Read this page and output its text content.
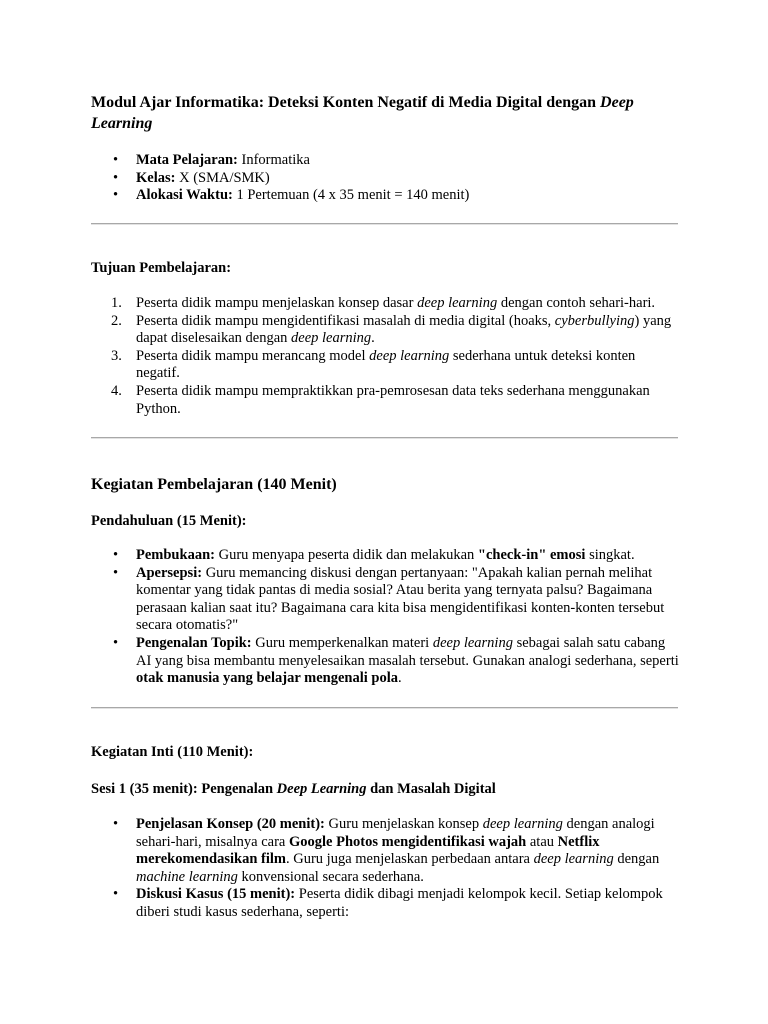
Modul Ajar Informatika: Deteksi Konten Negatif di Media Digital dengan Deep Learning
• Mata Pelajaran: Informatika
• Kelas: X (SMA/SMK)
• Alokasi Waktu: 1 Pertemuan (4 x 35 menit = 140 menit)

Tujuan Pembelajaran:

1. Peserta didik mampu menjelaskan konsep dasar deep learning dengan contoh sehari-hari.
2. Peserta didik mampu mengidentifikasi masalah di media digital (hoaks, cyberbullying) yang dapat diselesaikan dengan deep learning.
3. Peserta didik mampu merancang model deep learning sederhana untuk deteksi konten negatif.
4. Peserta didik mampu mempraktikkan pra-pemrosesan data teks sederhana menggunakan Python.
Kegiatan Pembelajaran (140 Menit)

Pendahuluan (15 Menit):

• Pembukaan: Guru menyapa peserta didik dan melakukan "check-in" emosi singkat.
• Apersepsi: Guru memancing diskusi dengan pertanyaan: "Apakah kalian pernah melihat komentar yang tidak pantas di media sosial? Atau berita yang ternyata palsu? Bagaimana perasaan kalian saat itu? Bagaimana cara kita bisa mengidentifikasi konten-konten tersebut secara otomatis?"
• Pengenalan Topik: Guru memperkenalkan materi deep learning sebagai salah satu cabang AI yang bisa membantu menyelesaikan masalah tersebut. Gunakan analogi sederhana, seperti otak manusia yang belajar mengenali pola.

Kegiatan Inti (110 Menit):

Sesi 1 (35 menit): Pengenalan Deep Learning dan Masalah Digital

• Penjelasan Konsep (20 menit): Guru menjelaskan konsep deep learning dengan analogi sehari-hari, misalnya cara Google Photos mengidentifikasi wajah atau Netflix merekomendasikan film. Guru juga menjelaskan perbedaan antara deep learning dengan machine learning konvensional secara sederhana.
• Diskusi Kasus (15 menit): Peserta didik dibagi menjadi kelompok kecil. Setiap kelompok diberi studi kasus sederhana, seperti:
